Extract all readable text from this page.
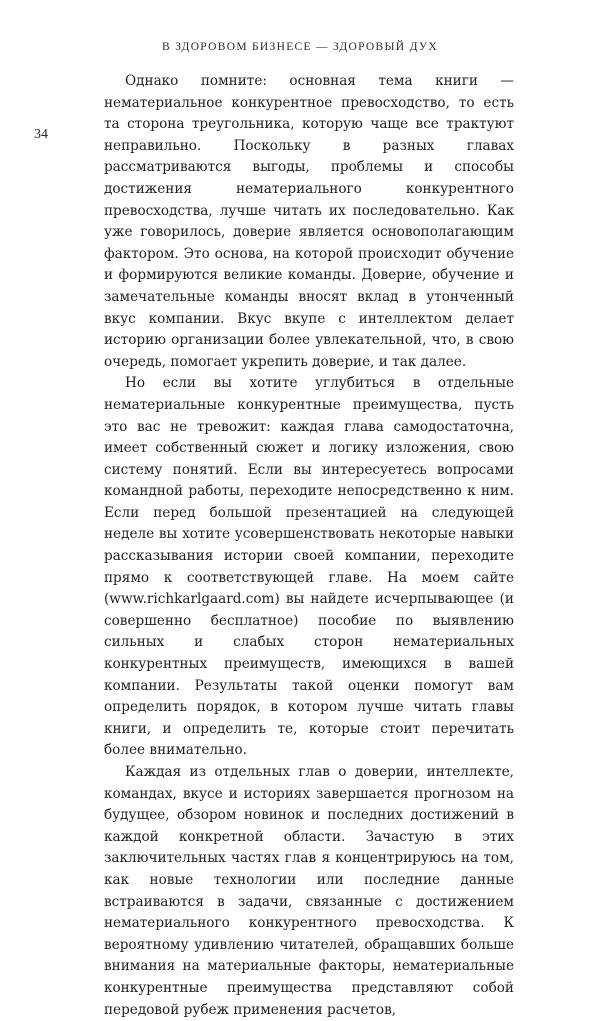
В ЗДОРОВОМ БИЗНЕСЕ — ЗДОРОВЫЙ ДУХ
34

Однако помните: основная тема книги — нематериальное конкурентное превосходство, то есть та сторона треугольника, которую чаще все трактуют неправильно. Поскольку в разных главах рассматриваются выгоды, проблемы и способы достижения нематериального конкурентного превосходства, лучше читать их последовательно. Как уже говорилось, доверие является основополагающим фактором. Это основа, на которой происходит обучение и формируются великие команды. Доверие, обучение и замечательные команды вносят вклад в утонченный вкус компании. Вкус вкупе с интеллектом делает историю организации более увлекательной, что, в свою очередь, помогает укрепить доверие, и так далее.

Но если вы хотите углубиться в отдельные нематериальные конкурентные преимущества, пусть это вас не тревожит: каждая глава самодостаточна, имеет собственный сюжет и логику изложения, свою систему понятий. Если вы интересуетесь вопросами командной работы, переходите непосредственно к ним. Если перед большой презентацией на следующей неделе вы хотите усовершенствовать некоторые навыки рассказывания истории своей компании, переходите прямо к соответствующей главе. На моем сайте (www.richkarlgaard.com) вы найдете исчерпывающее (и совершенно бесплатное) пособие по выявлению сильных и слабых сторон нематериальных конкурентных преимуществ, имеющихся в вашей компании. Результаты такой оценки помогут вам определить порядок, в котором лучше читать главы книги, и определить те, которые стоит перечитать более внимательно.

Каждая из отдельных глав о доверии, интеллекте, командах, вкусе и историях завершается прогнозом на будущее, обзором новинок и последних достижений в каждой конкретной области. Зачастую в этих заключительных частях глав я концентрируюсь на том, как новые технологии или последние данные встраиваются в задачи, связанные с достижением нематериального конкурентного превосходства. К вероятному удивлению читателей, обращавших больше внимания на материальные факторы, нематериальные конкурентные преимущества представляют собой передовой рубеж применения расчетов,
